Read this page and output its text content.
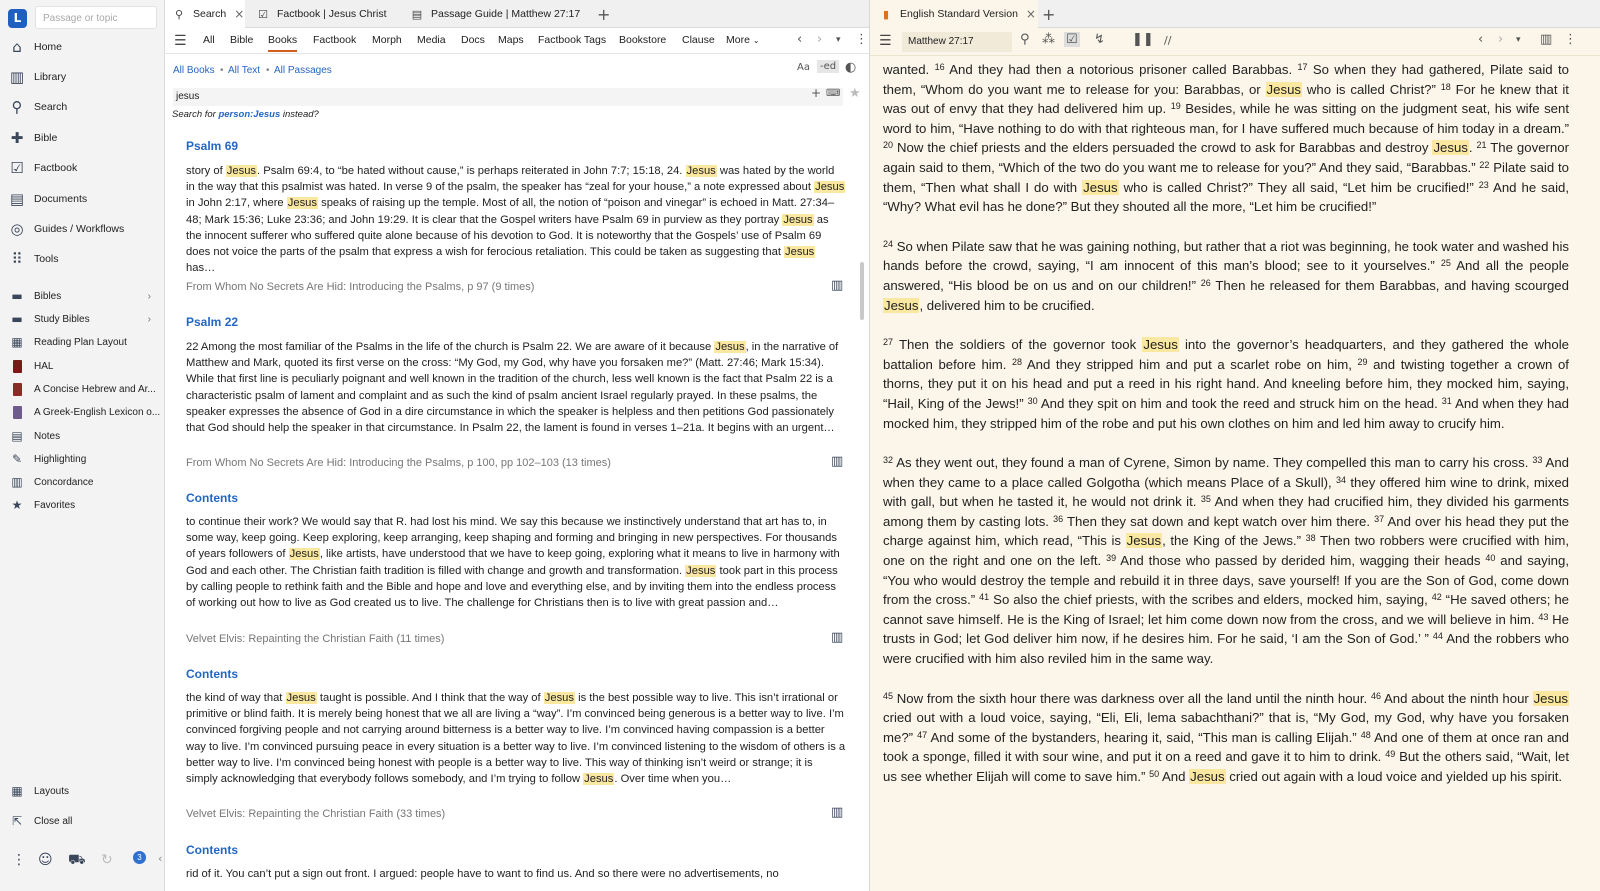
L	Passage or topic
⌂	Home
▥ Library
⚲	Search
✚	Bible
☑ Factbook
▤ Documents
◎ Guides / Workflows
⠿	Tools
▬	Bibles	›
▬	Study Bibles	›
▦	Reading Plan Layout
HAL
A Concise Hebrew and Ar...
A Greek-English Lexicon o...
▤	Notes
✎	Highlighting
▥	Concordance
★	Favorites
▦	Layouts
⇱	Close all
⋮ ☺ ⛟ ↻	3	‹
⚲ Search × ☑ Factbook | Jesus Christ ▤ Passage Guide | Matthew 27:17 +
☰ All Bible Books Factbook Morph Media Docs Maps Factbook Tags Bookstore Clause More ⌄	‹ › ▾ ⋮
All Books • All Text • All Passages	Aa	-ed ◐
jesus	+ ⌨ ★
Search for person:Jesus instead?
Psalm 69
story of Jesus. Psalm 69:4, to “be hated without cause,” is perhaps reiterated in John 7:7; 15:18, 24. Jesus was hated by the world in the way that this psalmist was hated. In verse 9 of the psalm, the speaker has “zeal for your house,” a note expressed about Jesus in John 2:17, where Jesus speaks of raising up the temple. Most of all, the notion of “poison and vinegar” is echoed in Matt. 27:34–48; Mark 15:36; Luke 23:36; and John 19:29. It is clear that the Gospel writers have Psalm 69 in purview as they portray Jesus as the innocent sufferer who suffered quite alone because of his devotion to God. It is noteworthy that the Gospels’ use of Psalm 69 does not voice the parts of the psalm that express a wish for ferocious retaliation. This could be taken as suggesting that Jesus has…
From Whom No Secrets Are Hid: Introducing the Psalms, p 97 (9 times)	▥
Psalm 22
22 Among the most familiar of the Psalms in the life of the church is Psalm 22. We are aware of it because Jesus, in the narrative of Matthew and Mark, quoted its first verse on the cross: “My God, my God, why have you forsaken me?” (Matt. 27:46; Mark 15:34). While that first line is peculiarly poignant and well known in the tradition of the church, less well known is the fact that Psalm 22 is a characteristic psalm of lament and complaint and as such the kind of psalm ancient Israel regularly prayed. In these psalms, the speaker expresses the absence of God in a dire circumstance in which the speaker is helpless and then petitions God passionately that God should help the speaker in that circumstance. In Psalm 22, the lament is found in verses 1–21a. It begins with an urgent…
From Whom No Secrets Are Hid: Introducing the Psalms, p 100, pp 102–103 (13 times)	▥
Contents
to continue their work? We would say that R. had lost his mind. We say this because we instinctively understand that art has to, in some way, keep going. Keep exploring, keep arranging, keep shaping and forming and bringing in new perspectives. For thousands of years followers of Jesus, like artists, have understood that we have to keep going, exploring what it means to live in harmony with God and each other. The Christian faith tradition is filled with change and growth and transformation. Jesus took part in this process by calling people to rethink faith and the Bible and hope and love and everything else, and by inviting them into the endless process of working out how to live as God created us to live. The challenge for Christians then is to live with great passion and…
Velvet Elvis: Repainting the Christian Faith (11 times)	▥
Contents
the kind of way that Jesus taught is possible. And I think that the way of Jesus is the best possible way to live. This isn’t irrational or primitive or blind faith. It is merely being honest that we all are living a “way”. I’m convinced being generous is a better way to live. I’m convinced forgiving people and not carrying around bitterness is a better way to live. I’m convinced having compassion is a better way to live. I’m convinced pursuing peace in every situation is a better way to live. I’m convinced listening to the wisdom of others is a better way to live. I’m convinced being honest with people is a better way to live. This way of thinking isn’t weird or strange; it is simply acknowledging that everybody follows somebody, and I’m trying to follow Jesus. Over time when you…
Velvet Elvis: Repainting the Christian Faith (33 times)	▥
Contents
rid of it. You can’t put a sign out front. I argued: people have to want to find us. And so there were no advertisements, no
▮	English Standard Version × +
☰	Matthew 27:17	⚲ ⁂ ☑ ↯ ❚❚ //	‹ › ▾ ▥ ⋮

wanted. $^{16}$ And they had then a notorious prisoner called Barabbas. $^{17}$ So when they had gathered, Pilate said to them, “Whom do you want me to release for you: Barabbas, or Jesus who is called Christ?” $^{18}$ For he knew that it was out of envy that they had delivered him up. $^{19}$ Besides, while he was sitting on the judgment seat, his wife sent word to him, “Have nothing to do with that righteous man, for I have suffered much because of him today in a dream.” $^{20}$ Now the chief priests and the elders persuaded the crowd to ask for Barabbas and destroy Jesus. $^{21}$ The governor again said to them, “Which of the two do you want me to release for you?” And they said, “Barabbas.” $^{22}$ Pilate said to them, “Then what shall I do with Jesus who is called Christ?” They all said, “Let him be crucified!” $^{23}$ And he said, “Why? What evil has he done?” But they shouted all the more, “Let him be crucified!”

$^{24}$ So when Pilate saw that he was gaining nothing, but rather that a riot was beginning, he took water and washed his hands before the crowd, saying, “I am innocent of this man’s blood; see to it yourselves.” $^{25}$ And all the people answered, “His blood be on us and on our children!” $^{26}$ Then he released for them Barabbas, and having scourged Jesus, delivered him to be crucified.

$^{27}$ Then the soldiers of the governor took Jesus into the governor’s headquarters, and they gathered the whole battalion before him. $^{28}$ And they stripped him and put a scarlet robe on him, $^{29}$ and twisting together a crown of thorns, they put it on his head and put a reed in his right hand. And kneeling before him, they mocked him, saying, “Hail, King of the Jews!” $^{30}$ And they spit on him and took the reed and struck him on the head. $^{31}$ And when they had mocked him, they stripped him of the robe and put his own clothes on him and led him away to crucify him.

$^{32}$ As they went out, they found a man of Cyrene, Simon by name. They compelled this man to carry his cross. $^{33}$ And when they came to a place called Golgotha (which means Place of a Skull), $^{34}$ they offered him wine to drink, mixed with gall, but when he tasted it, he would not drink it. $^{35}$ And when they had crucified him, they divided his garments among them by casting lots. $^{36}$ Then they sat down and kept watch over him there. $^{37}$ And over his head they put the charge against him, which read, “This is Jesus, the King of the Jews.” $^{38}$ Then two robbers were crucified with him, one on the right and one on the left. $^{39}$ And those who passed by derided him, wagging their heads $^{40}$ and saying, “You who would destroy the temple and rebuild it in three days, save yourself! If you are the Son of God, come down from the cross.” $^{41}$ So also the chief priests, with the scribes and elders, mocked him, saying, $^{42}$ “He saved others; he cannot save himself. He is the King of Israel; let him come down now from the cross, and we will believe in him. $^{43}$ He trusts in God; let God deliver him now, if he desires him. For he said, ‘I am the Son of God.’ ” $^{44}$ And the robbers who were crucified with him also reviled him in the same way.

$^{45}$ Now from the sixth hour there was darkness over all the land until the ninth hour. $^{46}$ And about the ninth hour Jesus cried out with a loud voice, saying, “Eli, Eli, lema sabachthani?” that is, “My God, my God, why have you forsaken me?” $^{47}$ And some of the bystanders, hearing it, said, “This man is calling Elijah.” $^{48}$ And one of them at once ran and took a sponge, filled it with sour wine, and put it on a reed and gave it to him to drink. $^{49}$ But the others said, “Wait, let us see whether Elijah will come to save him.” $^{50}$ And Jesus cried out again with a loud voice and yielded up his spirit.
